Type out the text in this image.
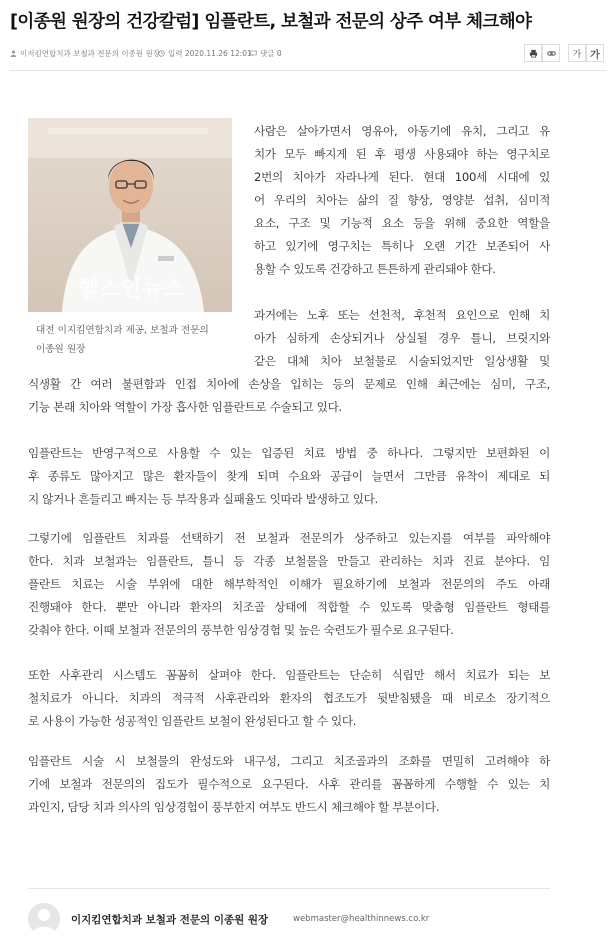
[이종원 원장의 건강칼럼] 임플란트, 보철과 전문의 상주 여부 체크해야
이지킴연합치과 보철과 전문의 이종원 원장 입력 2020.11.26 12:01 댓글 0	가 가
헬스인뉴스
대전 이지킴연합치과 제공, 보철과 전문의
이종원 원장
사람은 살아가면서 영유아, 아동기에 유치, 그리고 유
치가 모두 빠지게 된 후 평생 사용돼야 하는 영구치로
2번의 치아가 자라나게 된다. 현대 100세 시대에 있
어 우리의 치아는 삶의 질 향상, 영양분 섭취, 심미적
요소, 구조 및 기능적 요소 등을 위해 중요한 역할을
하고 있기에 영구치는 특히나 오랜 기간 보존되어 사
용할 수 있도록 건강하고 튼튼하게 관리돼야 한다.
과거에는 노후 또는 선천적, 후천적 요인으로 인해 치
아가 심하게 손상되거나 상실될 경우 틀니, 브릿지와
같은 대체 치아 보철물로 시술되었지만 일상생활 및
식생활 간 여러 불편함과 인접 치아에 손상을 입히는 등의 문제로 인해 최근에는 심미, 구조,
기능 본래 치아와 역할이 가장 흡사한 임플란트로 수술되고 있다.
임플란트는 반영구적으로 사용할 수 있는 입증된 치료 방법 중 하나다. 그렇지만 보편화된 이
후 종류도 많아지고 많은 환자들이 찾게 되며 수요와 공급이 늘면서 그만큼 유착이 제대로 되
지 않거나 흔들리고 빠지는 등 부작용과 실패율도 잇따라 발생하고 있다.
그렇기에 임플란트 치과를 선택하기 전 보철과 전문의가 상주하고 있는지를 여부를 파악해야
한다. 치과 보철과는 임플란트, 틀니 등 각종 보철물을 만들고 관리하는 치과 진료 분야다. 임
플란트 치료는 시술 부위에 대한 해부학적인 이해가 필요하기에 보철과 전문의의 주도 아래
진행돼야 한다. 뿐만 아니라 환자의 치조골 상태에 적합할 수 있도록 맞춤형 임플란트 형태를
갖춰야 한다. 이때 보철과 전문의의 풍부한 임상경험 및 높은 숙련도가 필수로 요구된다.
또한 사후관리 시스템도 꼼꼼히 살펴야 한다. 임플란트는 단순히 식립만 해서 치료가 되는 보
철치료가 아니다. 치과의 적극적 사후관리와 환자의 협조도가 뒷받침됐을 때 비로소 장기적으
로 사용이 가능한 성공적인 임플란트 보철이 완성된다고 할 수 있다.
임플란트 시술 시 보철물의 완성도와 내구성, 그리고 치조골과의 조화를 면밀히 고려해야 하
기에 보철과 전문의의 집도가 필수적으로 요구된다. 사후 관리를 꼼꼼하게 수행할 수 있는 치
과인지, 담당 치과 의사의 임상경험이 풍부한지 여부도 반드시 체크해야 할 부분이다.
이지킴연합치과 보철과 전문의 이종원 원장	webmaster@healthinnews.co.kr
